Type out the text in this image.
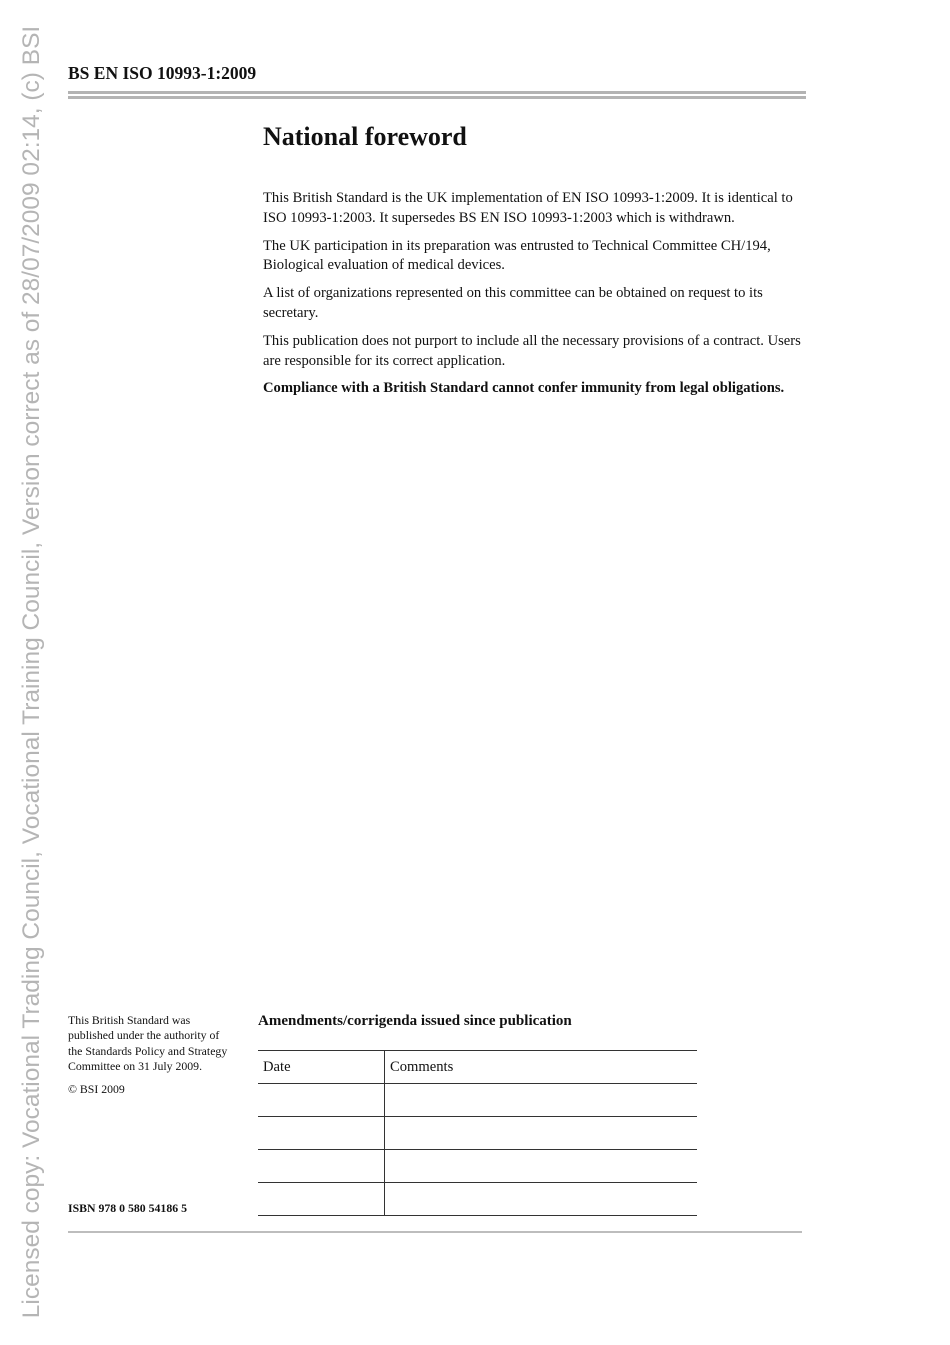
Licensed copy: Vocational Trading Council, Vocational Training Council, Version correct as of 28/07/2009 02:14, (c) BSI BS EN ISO 10993-1:2009
National foreword

This British Standard is the UK implementation of EN ISO 10993-1:2009. It is identical to ISO 10993-1:2003. It supersedes BS EN ISO 10993-1:2003 which is withdrawn.

The UK participation in its preparation was entrusted to Technical Committee CH/194, Biological evaluation of medical devices.

A list of organizations represented on this committee can be obtained on request to its secretary.

This publication does not purport to include all the necessary provisions of a contract. Users are responsible for its correct application.

Compliance with a British Standard cannot confer immunity from legal obligations.

This British Standard was published under the authority of the Standards Policy and Strategy Committee on 31 July 2009.

© BSI 2009

ISBN 978 0 580 54186 5
Amendments/corrigenda issued since publication
Date	Comments
